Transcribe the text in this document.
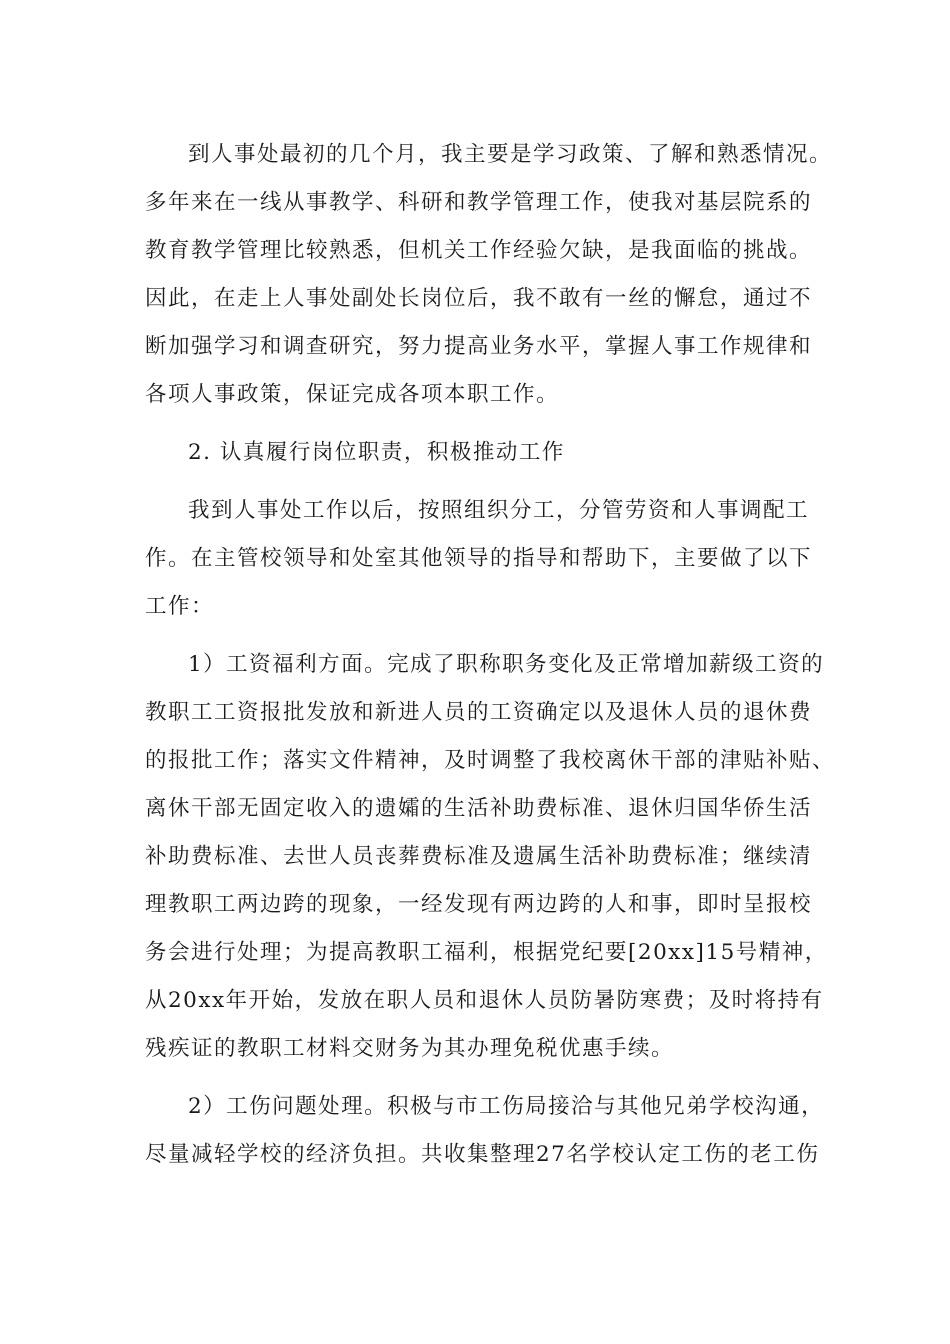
到人事处最初的几个月，我主要是学习政策、了解和熟悉情况。
多年来在一线从事教学、科研和教学管理工作，使我对基层院系的
教育教学管理比较熟悉，但机关工作经验欠缺，是我面临的挑战。
因此，在走上人事处副处长岗位后，我不敢有一丝的懈怠，通过不
断加强学习和调查研究，努力提高业务水平，掌握人事工作规律和
各项人事政策，保证完成各项本职工作。
2. 认真履行岗位职责，积极推动工作
我到人事处工作以后，按照组织分工，分管劳资和人事调配工
作。在主管校领导和处室其他领导的指导和帮助下，主要做了以下
工作：
1）工资福利方面。完成了职称职务变化及正常增加薪级工资的
教职工工资报批发放和新进人员的工资确定以及退休人员的退休费
的报批工作；落实文件精神，及时调整了我校离休干部的津贴补贴、
离休干部无固定收入的遗孀的生活补助费标准、退休归国华侨生活
补助费标准、去世人员丧葬费标准及遗属生活补助费标准；继续清
理教职工两边跨的现象，一经发现有两边跨的人和事，即时呈报校
务会进行处理；为提高教职工福利，根据党纪要[20xx]15号精神，
从20xx年开始，发放在职人员和退休人员防暑防寒费；及时将持有
残疾证的教职工材料交财务为其办理免税优惠手续。
2）工伤问题处理。积极与市工伤局接洽与其他兄弟学校沟通，
尽量减轻学校的经济负担。共收集整理27名学校认定工伤的老工伤
